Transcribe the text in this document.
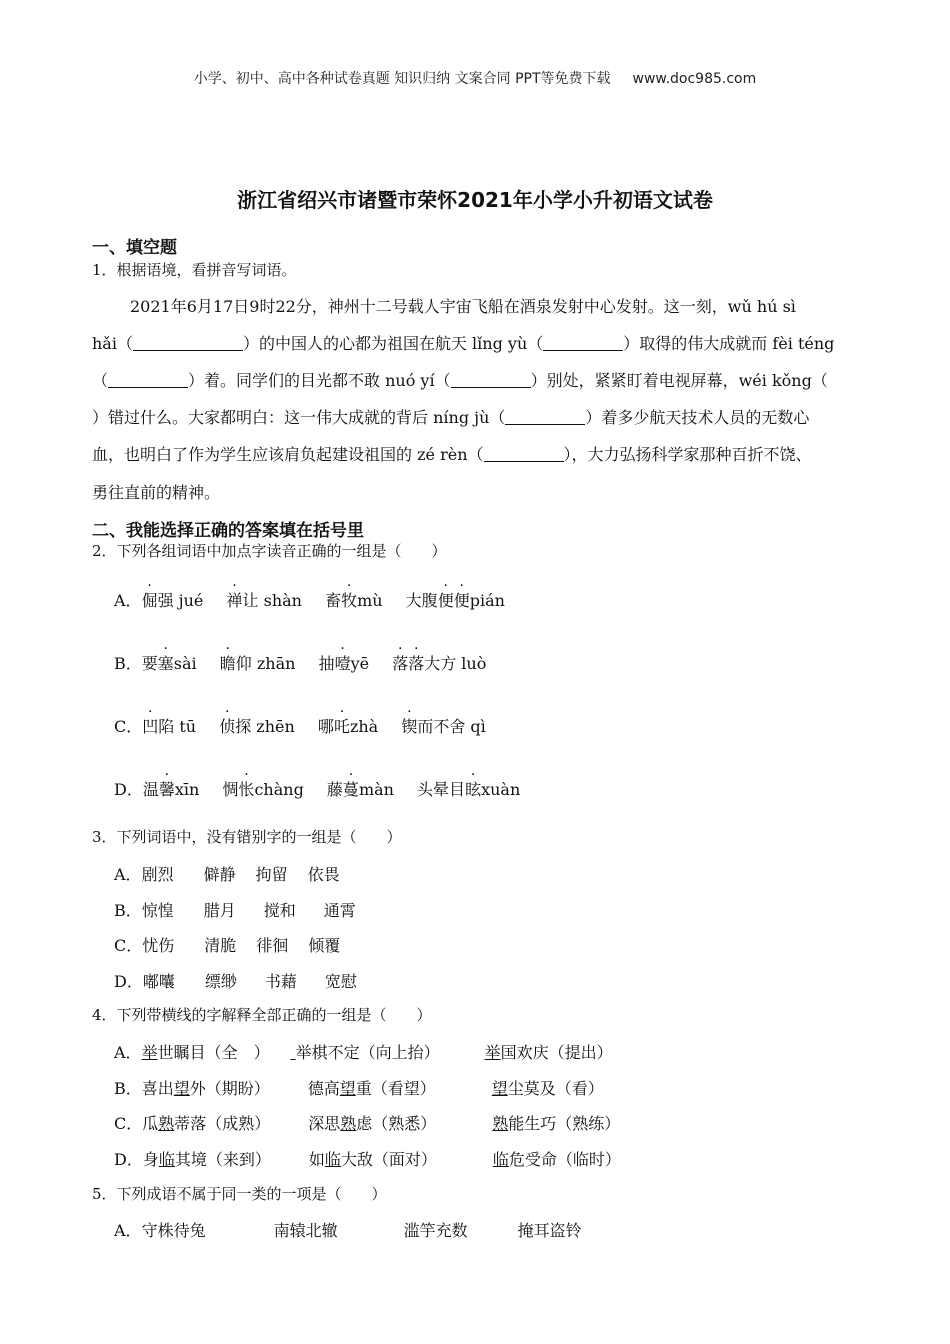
小学、初中、高中各种试卷真题 知识归纳 文案合同 PPT等免费下载 www.doc985.com
浙江省绍兴市诸暨市荣怀2021年小学小升初语文试卷
一、填空题
1．根据语境，看拼音写词语。
2021年6月17日9时22分，神州十二号载人宇宙飞船在酒泉发射中心发射。这一刻，wǔ hú sì
hǎi（	）的中国人的心都为祖国在航天 lǐng yù（	）取得的伟大成就而 fèi téng
（	）着。同学们的目光都不敢 nuó yí（	）别处，紧紧盯着电视屏幕，wéi kǒng（
）错过什么。大家都明白：这一伟大成就的背后 níng jù（	）着多少航天技术人员的无数心
血，也明白了作为学生应该肩负起建设祖国的 zé rèn（	），大力弘扬科学家那种百折不饶、
勇往直前的精神。
二、我能选择正确的答案填在括号里
2．下列各组词语中加点字读音正确的一组是（　　）
A．倔强 jué 禅让 shàn 畜牧mù 大腹便便pián
B．要塞sài 瞻仰 zhān 抽噎yē 落落大方 luò
C．凹陷 tū 侦探 zhēn 哪吒zhà 锲而不舍 qì
D．温馨xīn 惆怅chàng 藤蔓màn 头晕目眩xuàn
3．下列词语中，没有错别字的一组是（　　）
A．剧烈 僻静 拘留 依畏
B．惊惶 腊月 搅和 通霄
C．忧伤 清脆 徘徊 倾覆
D．嘟囔 缥缈 书藉 宽慰
4．下列带横线的字解释全部正确的一组是（　　）
A．举世瞩目（全　） 举棋不定（向上抬）	举国欢庆（提出）
B．喜出望外（期盼） 德高望重（看望）	望尘莫及（看）
C．瓜熟蒂落（成熟） 深思熟虑（熟悉）	熟能生巧（熟练）
D．身临其境（来到） 如临大敌（面对）	临危受命（临时）
5．下列成语不属于同一类的一项是（　　）
A．守株待兔	南辕北辙	滥竽充数	掩耳盗铃
